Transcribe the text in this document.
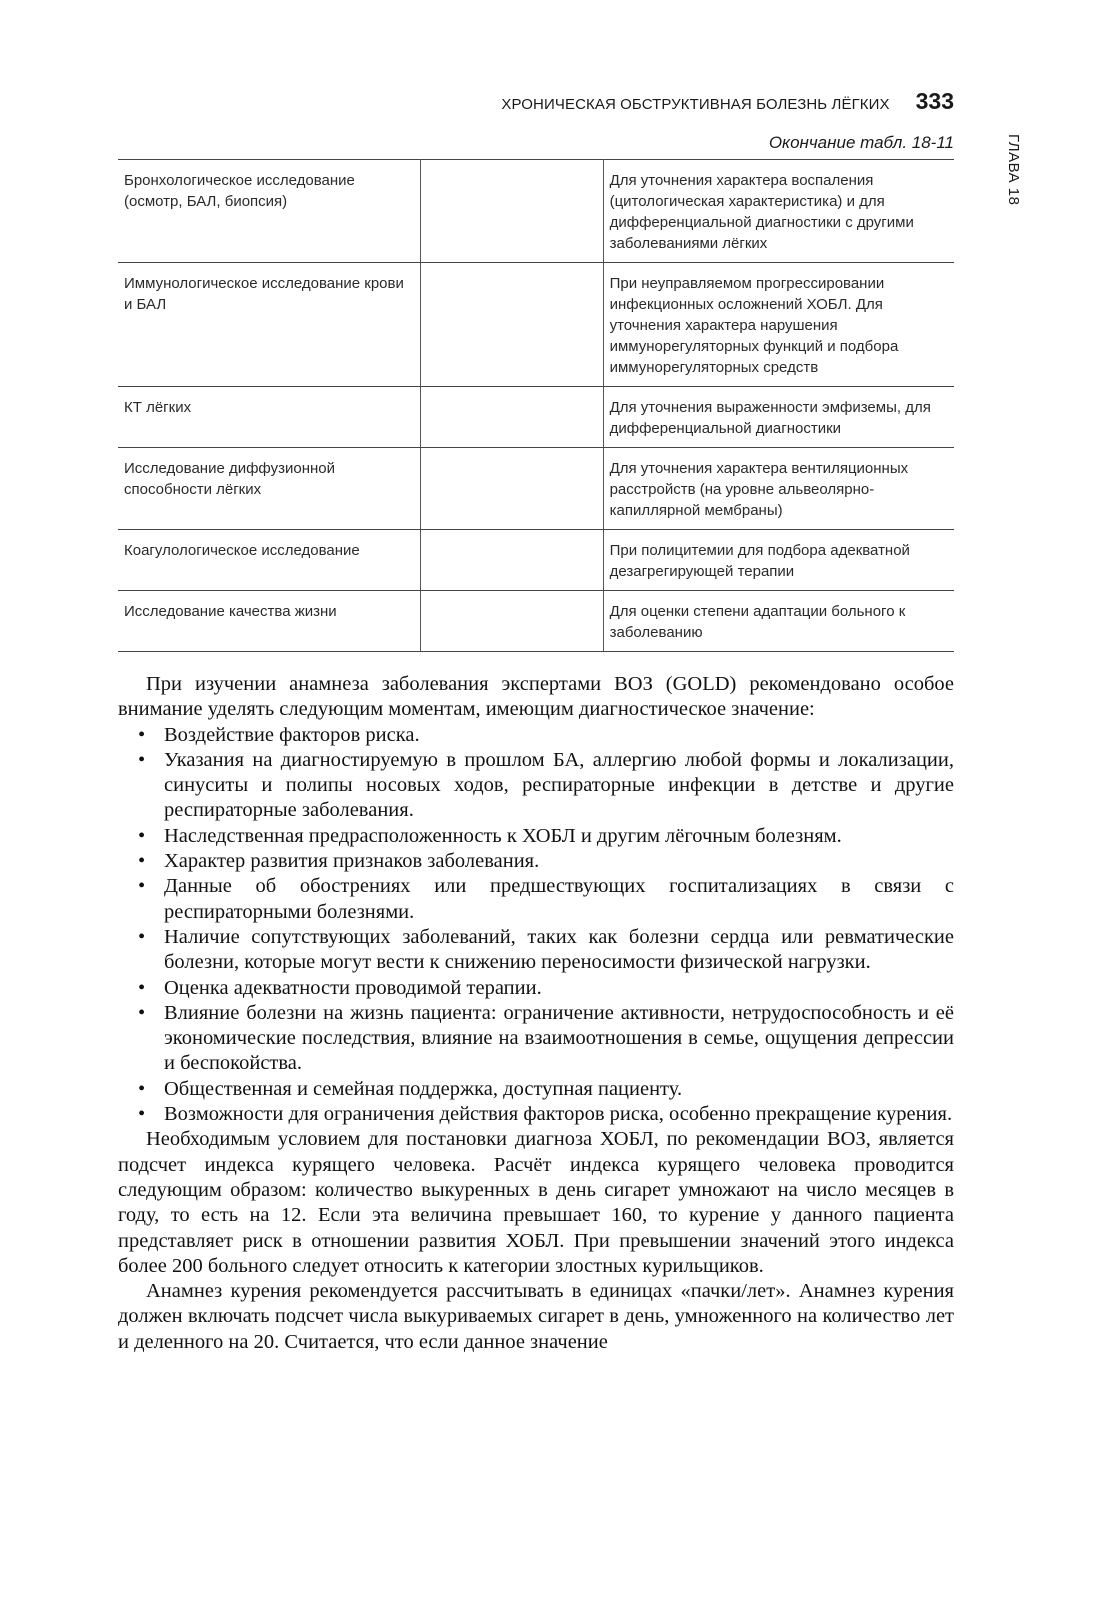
ХРОНИЧЕСКАЯ ОБСТРУКТИВНАЯ БОЛЕЗНЬ ЛЁГКИХ 333
ГЛАВА 18
Окончание табл. 18-11
Бронхологическое исследование (осмотр, БАЛ, биопсия)		Для уточнения характера воспаления (цитологическая характеристика) и для дифференциальной диагностики с другими заболеваниями лёгких
Иммунологическое исследование крови и БАЛ		При неуправляемом прогрессировании инфекционных осложнений ХОБЛ. Для уточнения характера нарушения иммунорегуляторных функций и подбора иммунорегуляторных средств
КТ лёгких		Для уточнения выраженности эмфиземы, для дифференциальной диагностики
Исследование диффузионной способности лёгких		Для уточнения характера вентиляционных расстройств (на уровне альвеолярно-капиллярной мембраны)
Коагулологическое исследование		При полицитемии для подбора адекватной дезагрегирующей терапии
Исследование качества жизни		Для оценки степени адаптации больного к заболеванию

При изучении анамнеза заболевания экспертами ВОЗ (GOLD) рекомендовано особое внимание уделять следующим моментам, имеющим диагностическое значение:

• Воздействие факторов риска.
• Указания на диагностируемую в прошлом БА, аллергию любой формы и локализации, синуситы и полипы носовых ходов, респираторные инфекции в детстве и другие респираторные заболевания.
• Наследственная предрасположенность к ХОБЛ и другим лёгочным болезням.
• Характер развития признаков заболевания.
• Данные об обострениях или предшествующих госпитализациях в связи с респираторными болезнями.
• Наличие сопутствующих заболеваний, таких как болезни сердца или ревматические болезни, которые могут вести к снижению переносимости физической нагрузки.
• Оценка адекватности проводимой терапии.
• Влияние болезни на жизнь пациента: ограничение активности, нетрудоспособность и её экономические последствия, влияние на взаимоотношения в семье, ощущения депрессии и беспокойства.
• Общественная и семейная поддержка, доступная пациенту.
• Возможности для ограничения действия факторов риска, особенно прекращение курения.

Необходимым условием для постановки диагноза ХОБЛ, по рекомендации ВОЗ, является подсчет индекса курящего человека. Расчёт индекса курящего человека проводится следующим образом: количество выкуренных в день сигарет умножают на число месяцев в году, то есть на 12. Если эта величина превышает 160, то курение у данного пациента представляет риск в отношении развития ХОБЛ. При превышении значений этого индекса более 200 больного следует относить к категории злостных курильщиков.

Анамнез курения рекомендуется рассчитывать в единицах «пачки/лет». Анамнез курения должен включать подсчет числа выкуриваемых сигарет в день, умноженного на количество лет и деленного на 20. Считается, что если данное значение
